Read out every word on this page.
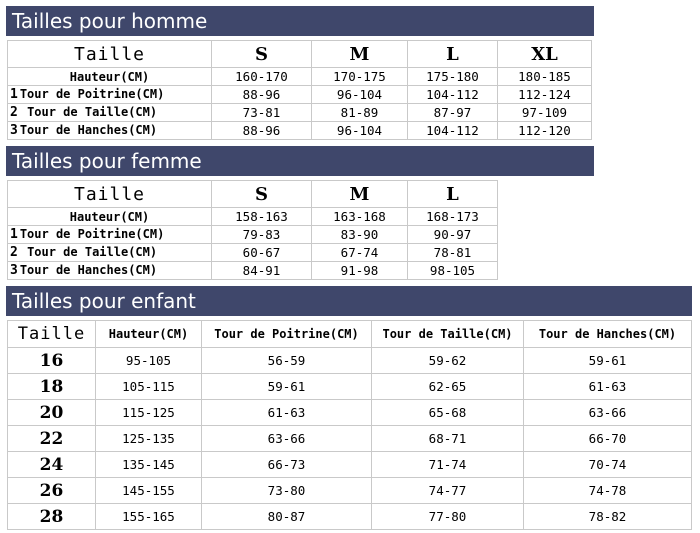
Tailles pour homme
Taille	S	M	L	XL
Hauteur(CM)	160-170	170-175	175-180	180-185
1 Tour de Poitrine(CM)	88-96	96-104	104-112	112-124
2 Tour de Taille(CM)	73-81	81-89	87-97	97-109
3 Tour de Hanches(CM)	88-96	96-104	104-112	112-120
Tailles pour femme
Taille	S	M	L
Hauteur(CM)	158-163	163-168	168-173
1 Tour de Poitrine(CM)	79-83	83-90	90-97
2 Tour de Taille(CM)	60-67	67-74	78-81
3 Tour de Hanches(CM)	84-91	91-98	98-105
Tailles pour enfant
Taille	Hauteur(CM)	Tour de Poitrine(CM)	Tour de Taille(CM)	Tour de Hanches(CM)
16	95-105	56-59	59-62	59-61
18	105-115	59-61	62-65	61-63
20	115-125	61-63	65-68	63-66
22	125-135	63-66	68-71	66-70
24	135-145	66-73	71-74	70-74
26	145-155	73-80	74-77	74-78
28	155-165	80-87	77-80	78-82
